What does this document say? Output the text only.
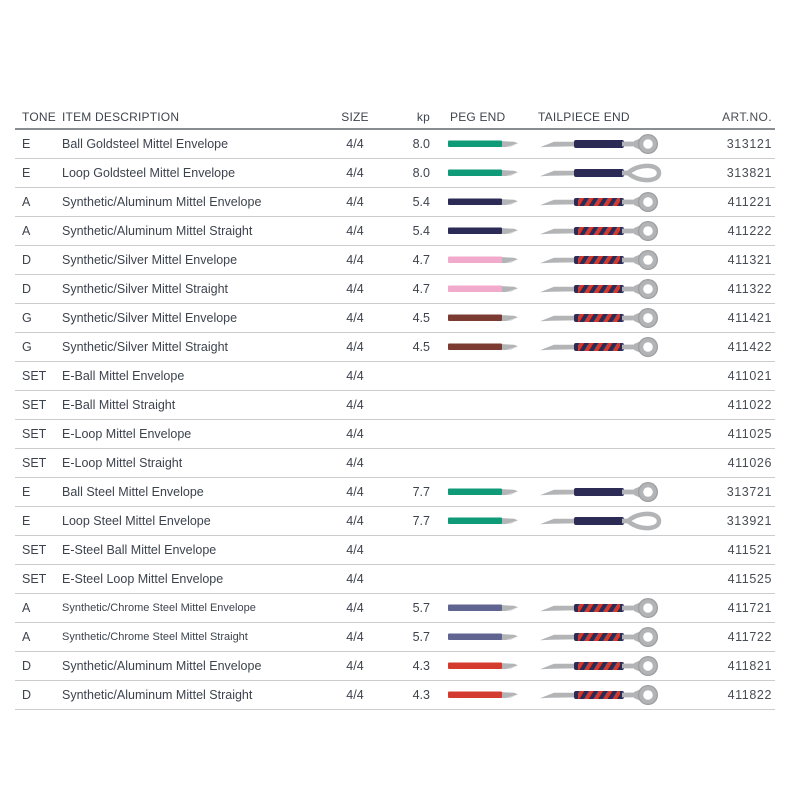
TONE ITEM DESCRIPTION	SIZE	kp	PEG END	TAILPIECE END	ART.NO.
E	Ball Goldsteel Mittel Envelope	4/4	8.0	313121
E	Loop Goldsteel Mittel Envelope	4/4	8.0	313821
A	Synthetic/Aluminum Mittel Envelope	4/4	5.4	411221
A	Synthetic/Aluminum Mittel Straight	4/4	5.4	411222
D	Synthetic/Silver Mittel Envelope	4/4	4.7	411321
D	Synthetic/Silver Mittel Straight	4/4	4.7	411322
G	Synthetic/Silver Mittel Envelope	4/4	4.5	411421
G	Synthetic/Silver Mittel Straight	4/4	4.5	411422
SET	E-Ball Mittel Envelope	4/4	411021
SET	E-Ball Mittel Straight	4/4	411022
SET	E-Loop Mittel Envelope	4/4	411025
SET	E-Loop Mittel Straight	4/4	411026
E	Ball Steel Mittel Envelope	4/4	7.7	313721
E	Loop Steel Mittel Envelope	4/4	7.7	313921
SET	E-Steel Ball Mittel Envelope	4/4	411521
SET	E-Steel Loop Mittel Envelope	4/4	411525
A	Synthetic/Chrome Steel Mittel Envelope	4/4	5.7	411721
A	Synthetic/Chrome Steel Mittel Straight	4/4	5.7	411722
D	Synthetic/Aluminum Mittel Envelope	4/4	4.3	411821
D	Synthetic/Aluminum Mittel Straight	4/4	4.3	411822
